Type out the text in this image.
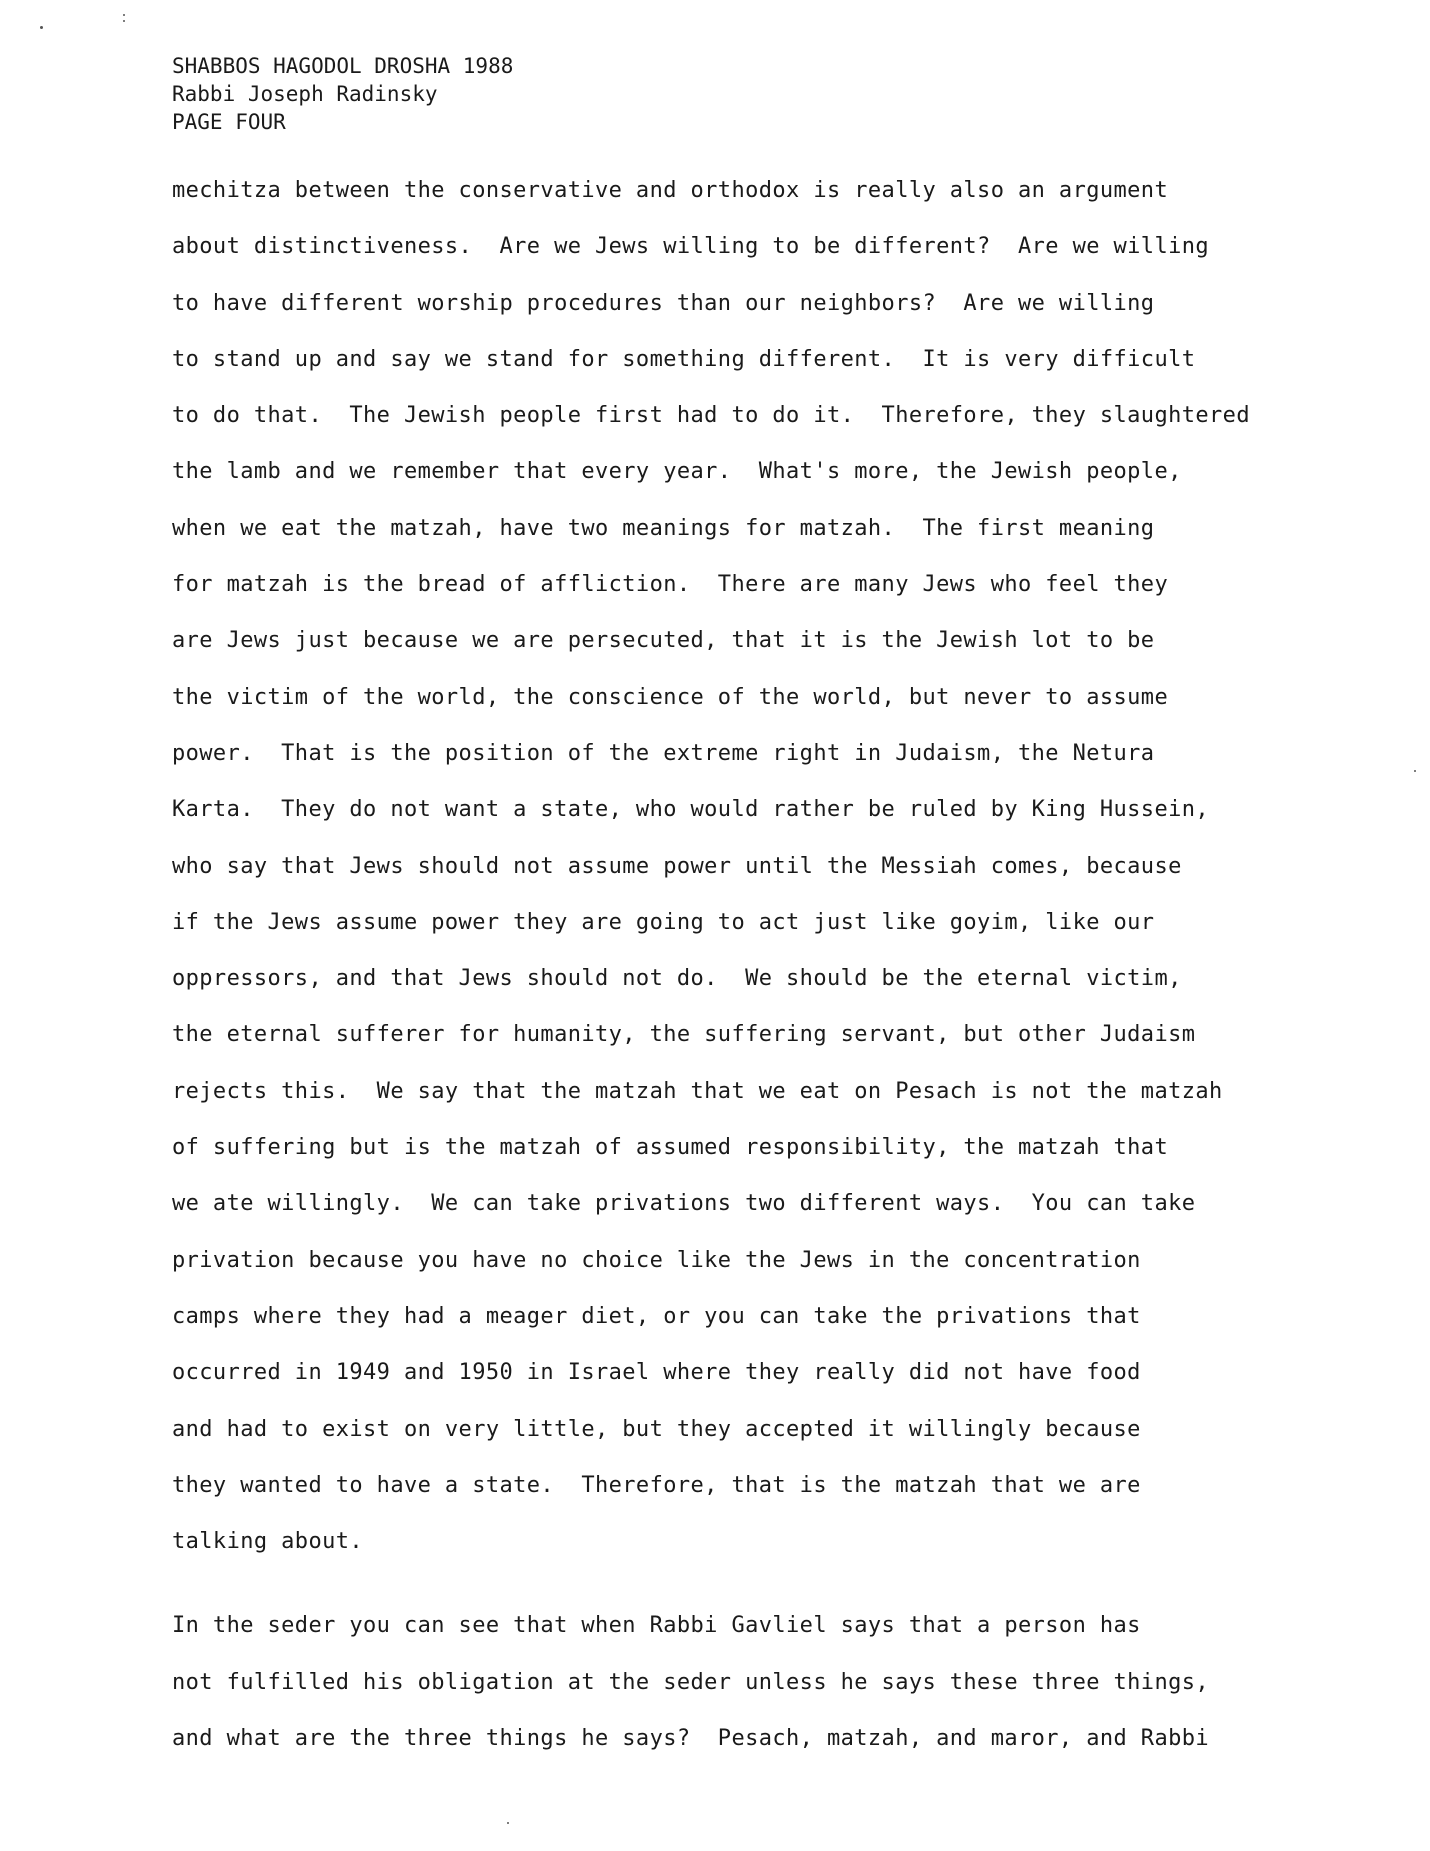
SHABBOS HAGODOL DROSHA 1988
Rabbi Joseph Radinsky
PAGE FOUR
mechitza between the conservative and orthodox is really also an argument
about distinctiveness.  Are we Jews willing to be different?  Are we willing
to have different worship procedures than our neighbors?  Are we willing
to stand up and say we stand for something different.  It is very difficult
to do that.  The Jewish people first had to do it.  Therefore, they slaughtered
the lamb and we remember that every year.  What's more, the Jewish people,
when we eat the matzah, have two meanings for matzah.  The first meaning
for matzah is the bread of affliction.  There are many Jews who feel they
are Jews just because we are persecuted, that it is the Jewish lot to be
the victim of the world, the conscience of the world, but never to assume
power.  That is the position of the extreme right in Judaism, the Netura
Karta.  They do not want a state, who would rather be ruled by King Hussein,
who say that Jews should not assume power until the Messiah comes, because
if the Jews assume power they are going to act just like goyim, like our
oppressors, and that Jews should not do.  We should be the eternal victim,
the eternal sufferer for humanity, the suffering servant, but other Judaism
rejects this.  We say that the matzah that we eat on Pesach is not the matzah
of suffering but is the matzah of assumed responsibility, the matzah that
we ate willingly.  We can take privations two different ways.  You can take
privation because you have no choice like the Jews in the concentration
camps where they had a meager diet, or you can take the privations that
occurred in 1949 and 1950 in Israel where they really did not have food
and had to exist on very little, but they accepted it willingly because
they wanted to have a state.  Therefore, that is the matzah that we are
talking about.
In the seder you can see that when Rabbi Gavliel says that a person has
not fulfilled his obligation at the seder unless he says these three things,
and what are the three things he says?  Pesach, matzah, and maror, and Rabbi
